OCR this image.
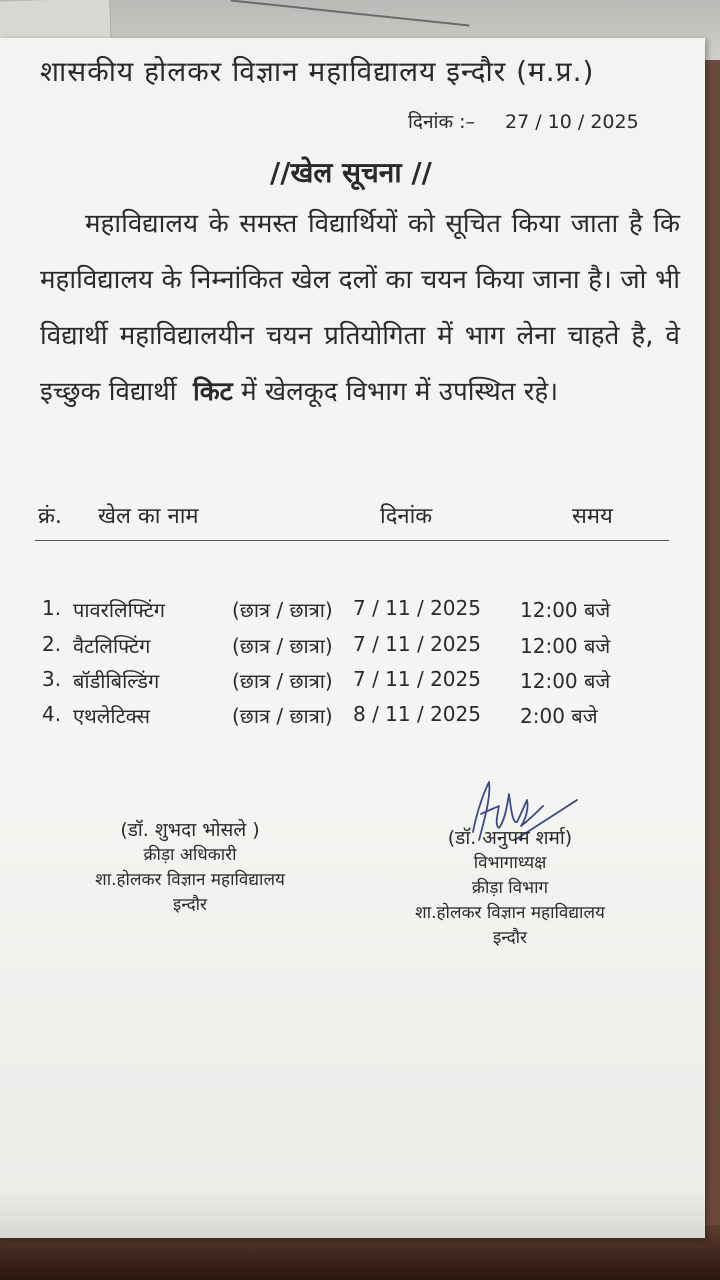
शासकीय होलकर विज्ञान महाविद्यालय इन्दौर (म.प्र.)
दिनांक :– 27 / 10 / 2025
//खेल सूचना //
महाविद्यालय के समस्त विद्यार्थियों को सूचित किया जाता है कि महाविद्यालय के निम्नांकित खेल दलों का चयन किया जाना है। जो भी विद्यार्थी महाविद्यालयीन चयन प्रतियोगिता में भाग लेना चाहते है, वे इच्छुक विद्यार्थी किट में खेलकूद विभाग में उपस्थित रहे।
क्रं. खेल का नाम	दिनांक	समय
1. पावरलिफ्टिंग	(छात्र / छात्रा) 7 / 11 / 2025 12:00 बजे
2. वैटलिफ्टिंग	(छात्र / छात्रा) 7 / 11 / 2025 12:00 बजे
3. बॉडीबिल्डिंग	(छात्र / छात्रा) 7 / 11 / 2025 12:00 बजे
4. एथलेटिक्स	(छात्र / छात्रा) 8 / 11 / 2025 2:00 बजे
(डॉ. शुभदा भोसले )
क्रीड़ा अधिकारी
शा.होलकर विज्ञान महाविद्यालय
इन्दौर
(डॉ. अनुपम शर्मा)
विभागाध्यक्ष
क्रीड़ा विभाग
शा.होलकर विज्ञान महाविद्यालय
इन्दौर
